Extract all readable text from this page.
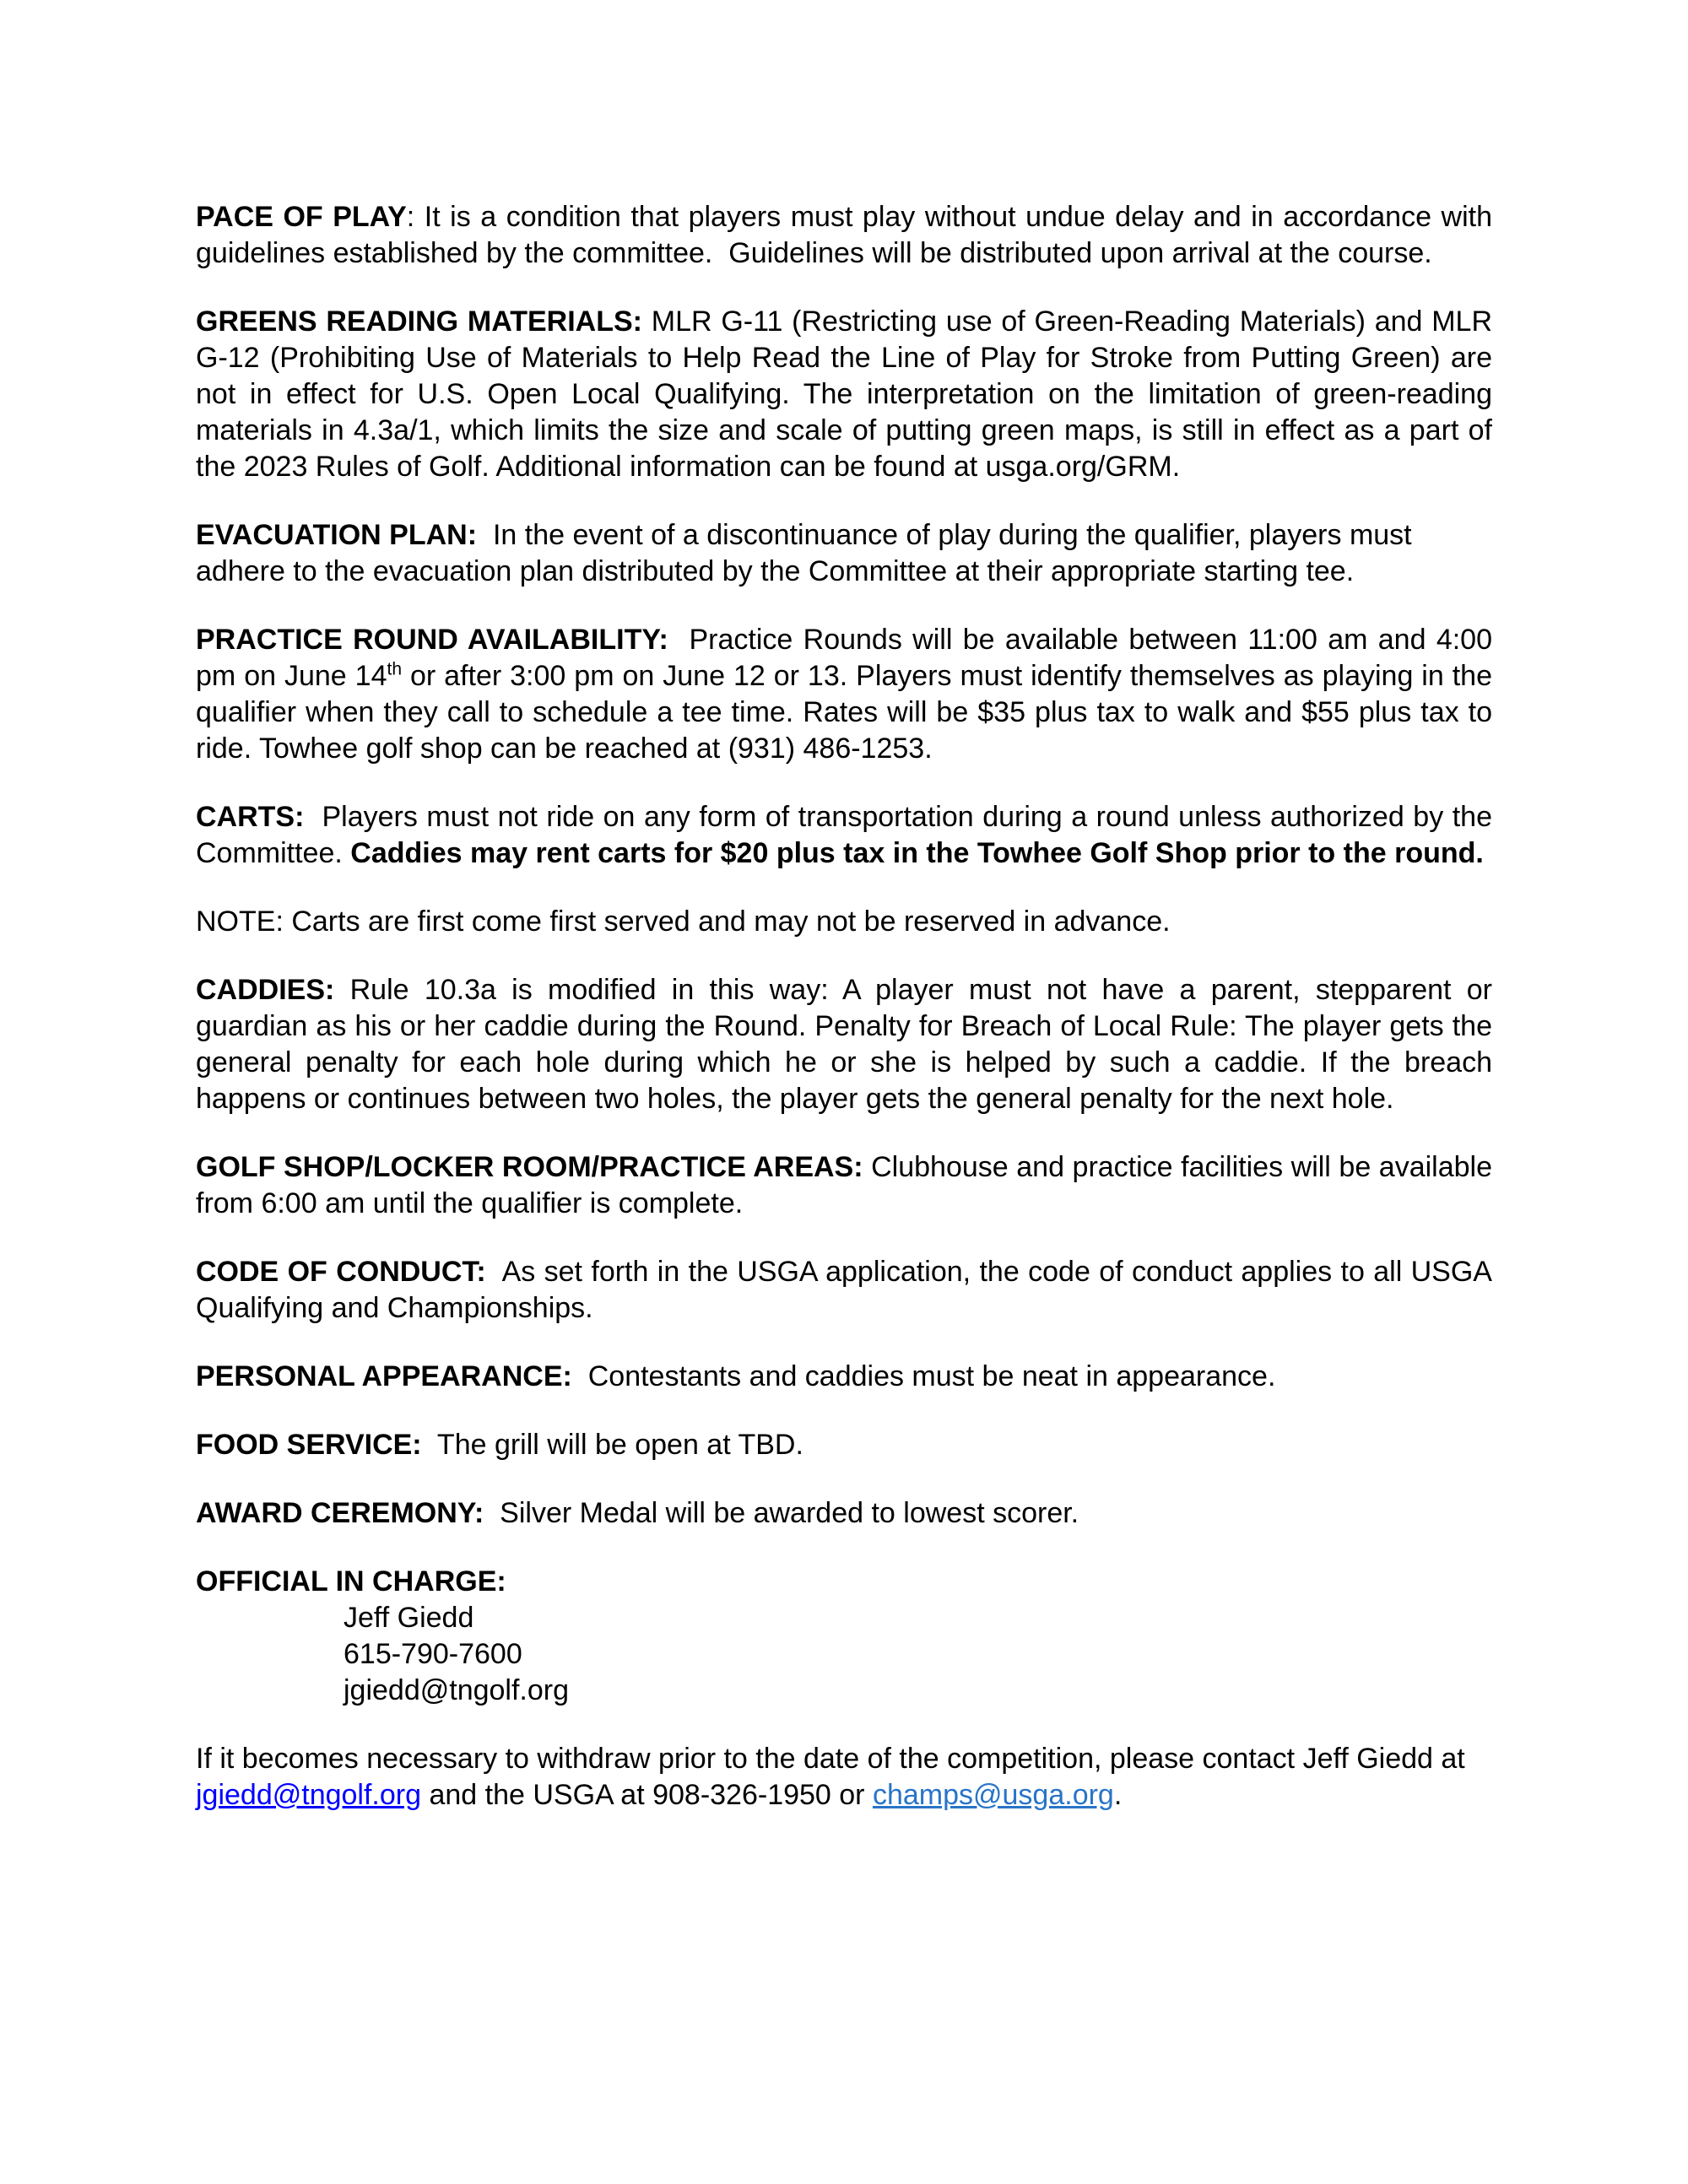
PACE OF PLAY: It is a condition that players must play without undue delay and in accordance with guidelines established by the committee.  Guidelines will be distributed upon arrival at the course.

GREENS READING MATERIALS: MLR G-11 (Restricting use of Green-Reading Materials) and MLR G-12 (Prohibiting Use of Materials to Help Read the Line of Play for Stroke from Putting Green) are not in effect for U.S. Open Local Qualifying. The interpretation on the limitation of green-reading materials in 4.3a/1, which limits the size and scale of putting green maps, is still in effect as a part of the 2023 Rules of Golf. Additional information can be found at usga.org/GRM.

EVACUATION PLAN:  In the event of a discontinuance of play during the qualifier, players must adhere to the evacuation plan distributed by the Committee at their appropriate starting tee.

PRACTICE ROUND AVAILABILITY:  Practice Rounds will be available between 11:00 am and 4:00 pm on June 14th or after 3:00 pm on June 12 or 13. Players must identify themselves as playing in the qualifier when they call to schedule a tee time. Rates will be $35 plus tax to walk and $55 plus tax to ride. Towhee golf shop can be reached at (931) 486-1253.

CARTS:  Players must not ride on any form of transportation during a round unless authorized by the Committee. Caddies may rent carts for $20 plus tax in the Towhee Golf Shop prior to the round.

NOTE: Carts are first come first served and may not be reserved in advance.

CADDIES: Rule 10.3a is modified in this way: A player must not have a parent, stepparent or guardian as his or her caddie during the Round. Penalty for Breach of Local Rule: The player gets the general penalty for each hole during which he or she is helped by such a caddie. If the breach happens or continues between two holes, the player gets the general penalty for the next hole.

GOLF SHOP/LOCKER ROOM/PRACTICE AREAS: Clubhouse and practice facilities will be available from 6:00 am until the qualifier is complete.

CODE OF CONDUCT:  As set forth in the USGA application, the code of conduct applies to all USGA Qualifying and Championships.

PERSONAL APPEARANCE:  Contestants and caddies must be neat in appearance.

FOOD SERVICE:  The grill will be open at TBD.

AWARD CEREMONY:  Silver Medal will be awarded to lowest scorer.

OFFICIAL IN CHARGE:
Jeff Giedd
615-790-7600
jgiedd@tngolf.org

If it becomes necessary to withdraw prior to the date of the competition, please contact Jeff Giedd at jgiedd@tngolf.org and the USGA at 908-326-1950 or champs@usga.org.
